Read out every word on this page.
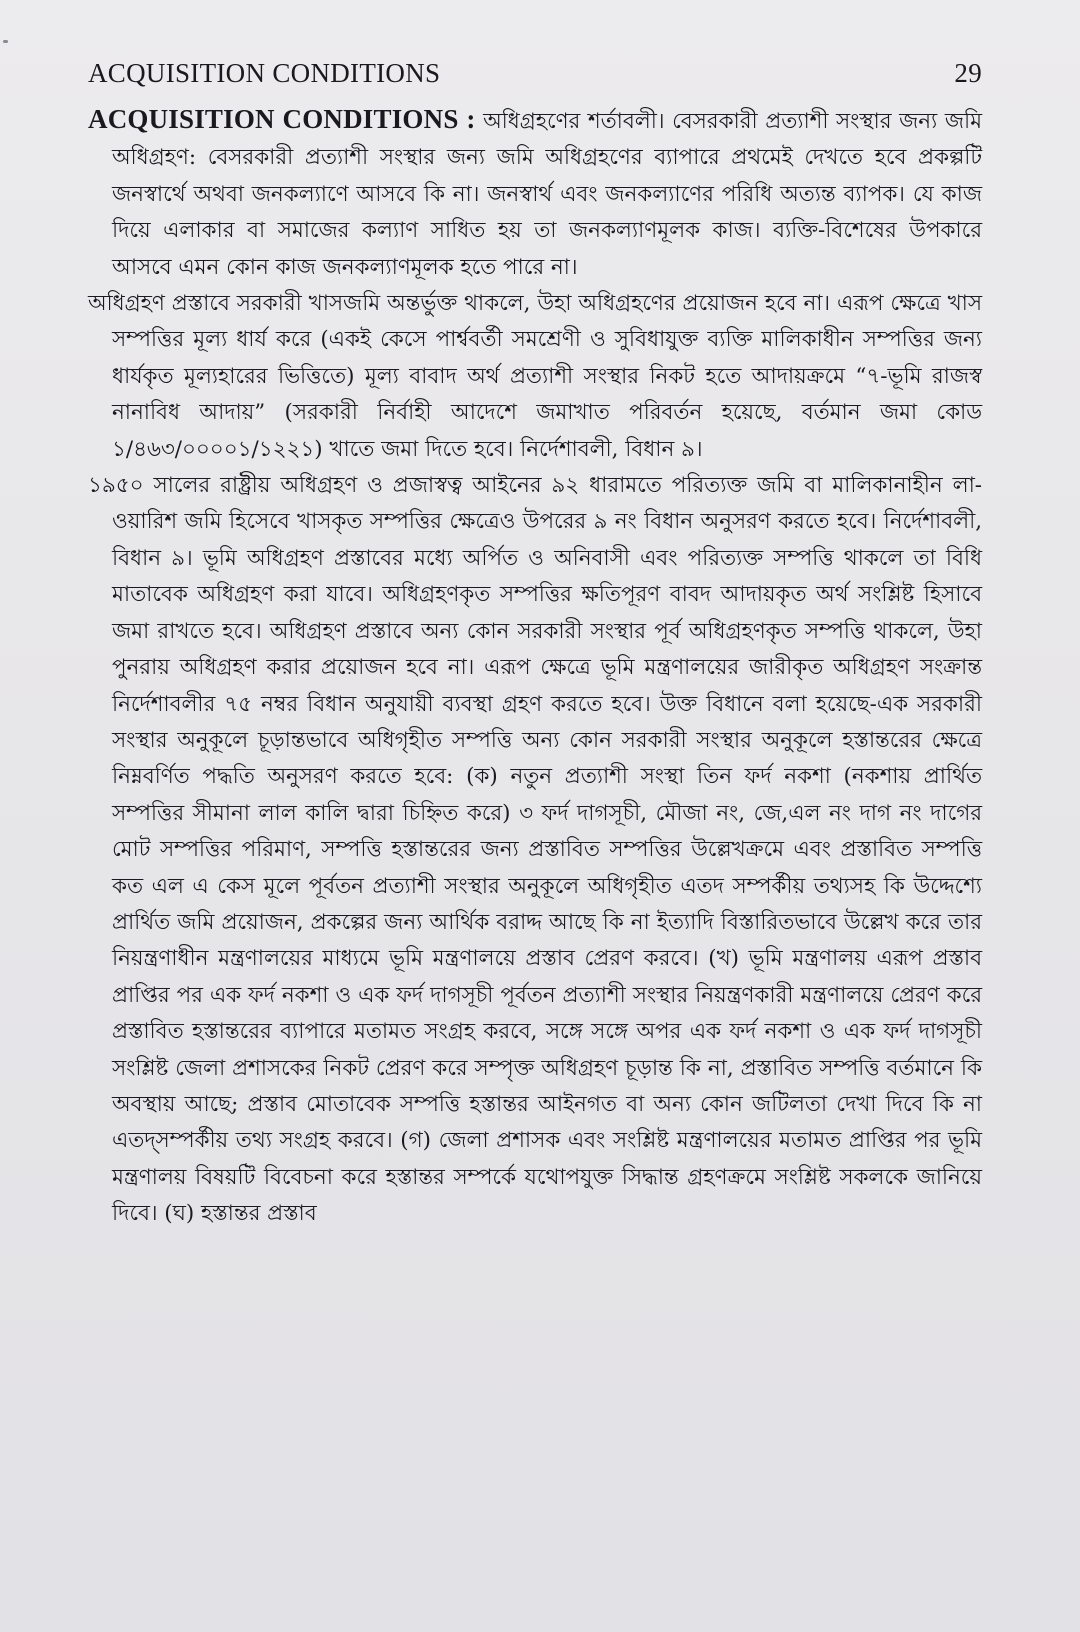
ACQUISITION CONDITIONS	29

ACQUISITION CONDITIONS : অধিগ্রহণের শর্তাবলী। বেসরকারী প্রত্যাশী সংস্থার জন্য জমি অধিগ্রহণ: বেসরকারী প্রত্যাশী সংস্থার জন্য জমি অধিগ্রহণের ব্যাপারে প্রথমেই দেখতে হবে প্রকল্পটি জনস্বার্থে অথবা জনকল্যাণে আসবে কি না। জনস্বার্থ এবং জনকল্যাণের পরিধি অত্যন্ত ব্যাপক। যে কাজ দিয়ে এলাকার বা সমাজের কল্যাণ সাধিত হয় তা জনকল্যাণমূলক কাজ। ব্যক্তি-বিশেষের উপকারে আসবে এমন কোন কাজ জনকল্যাণমূলক হতে পারে না।

অধিগ্রহণ প্রস্তাবে সরকারী খাসজমি অন্তর্ভুক্ত থাকলে, উহা অধিগ্রহণের প্রয়োজন হবে না। এরূপ ক্ষেত্রে খাস সম্পত্তির মূল্য ধার্য করে (একই কেসে পার্শ্ববর্তী সমশ্রেণী ও সুবিধাযুক্ত ব্যক্তি মালিকাধীন সম্পত্তির জন্য ধার্যকৃত মূল্যহারের ভিত্তিতে) মূল্য বাবাদ অর্থ প্রত্যাশী সংস্থার নিকট হতে আদায়ক্রমে “৭-ভূমি রাজস্ব নানাবিধ আদায়” (সরকারী নির্বাহী আদেশে জমাখাত পরিবর্তন হয়েছে, বর্তমান জমা কোড ১/৪৬৩/০০০০১/১২২১) খাতে জমা দিতে হবে। নির্দেশাবলী, বিধান ৯।

১৯৫০ সালের রাষ্ট্রীয় অধিগ্রহণ ও প্রজাস্বত্ব আইনের ৯২ ধারামতে পরিত্যক্ত জমি বা মালিকানাহীন লা-ওয়ারিশ জমি হিসেবে খাসকৃত সম্পত্তির ক্ষেত্রেও উপরের ৯ নং বিধান অনুসরণ করতে হবে। নির্দেশাবলী, বিধান ৯। ভূমি অধিগ্রহণ প্রস্তাবের মধ্যে অর্পিত ও অনিবাসী এবং পরিত্যক্ত সম্পত্তি থাকলে তা বিধি মাতাবেক অধিগ্রহণ করা যাবে। অধিগ্রহণকৃত সম্পত্তির ক্ষতিপূরণ বাবদ আদায়কৃত অর্থ সংশ্লিষ্ট হিসাবে জমা রাখতে হবে। অধিগ্রহণ প্রস্তাবে অন্য কোন সরকারী সংস্থার পূর্ব অধিগ্রহণকৃত সম্পত্তি থাকলে, উহা পুনরায় অধিগ্রহণ করার প্রয়োজন হবে না। এরূপ ক্ষেত্রে ভূমি মন্ত্রণালয়ের জারীকৃত অধিগ্রহণ সংক্রান্ত নির্দেশাবলীর ৭৫ নম্বর বিধান অনুযায়ী ব্যবস্থা গ্রহণ করতে হবে। উক্ত বিধানে বলা হয়েছে-এক সরকারী সংস্থার অনুকূলে চূড়ান্তভাবে অধিগৃহীত সম্পত্তি অন্য কোন সরকারী সংস্থার অনুকূলে হস্তান্তরের ক্ষেত্রে নিম্নবর্ণিত পদ্ধতি অনুসরণ করতে হবে: (ক) নতুন প্রত্যাশী সংস্থা তিন ফর্দ নকশা (নকশায় প্রার্থিত সম্পত্তির সীমানা লাল কালি দ্বারা চিহ্নিত করে) ৩ ফর্দ দাগসূচী, মৌজা নং, জে,এল নং দাগ নং দাগের মোট সম্পত্তির পরিমাণ, সম্পত্তি হস্তান্তরের জন্য প্রস্তাবিত সম্পত্তির উল্লেখক্রমে এবং প্রস্তাবিত সম্পত্তি কত এল এ কেস মূলে পূর্বতন প্রত্যাশী সংস্থার অনুকূলে অধিগৃহীত এতদ সম্পর্কীয় তথ্যসহ কি উদ্দেশ্যে প্রার্থিত জমি প্রয়োজন, প্রকল্পের জন্য আর্থিক বরাদ্দ আছে কি না ইত্যাদি বিস্তারিতভাবে উল্লেখ করে তার নিয়ন্ত্রণাধীন মন্ত্রণালয়ের মাধ্যমে ভূমি মন্ত্রণালয়ে প্রস্তাব প্রেরণ করবে। (খ) ভূমি মন্ত্রণালয় এরূপ প্রস্তাব প্রাপ্তির পর এক ফর্দ নকশা ও এক ফর্দ দাগসূচী পূর্বতন প্রত্যাশী সংস্থার নিয়ন্ত্রণকারী মন্ত্রণালয়ে প্রেরণ করে প্রস্তাবিত হস্তান্তরের ব্যাপারে মতামত সংগ্রহ করবে, সঙ্গে সঙ্গে অপর এক ফর্দ নকশা ও এক ফর্দ দাগসূচী সংশ্লিষ্ট জেলা প্রশাসকের নিকট প্রেরণ করে সম্পৃক্ত অধিগ্রহণ চূড়ান্ত কি না, প্রস্তাবিত সম্পত্তি বর্তমানে কি অবস্থায় আছে; প্রস্তাব মোতাবেক সম্পত্তি হস্তান্তর আইনগত বা অন্য কোন জটিলতা দেখা দিবে কি না এতদ্সম্পর্কীয় তথ্য সংগ্রহ করবে। (গ) জেলা প্রশাসক এবং সংশ্লিষ্ট মন্ত্রণালয়ের মতামত প্রাপ্তির পর ভূমি মন্ত্রণালয় বিষয়টি বিবেচনা করে হস্তান্তর সম্পর্কে যথোপযুক্ত সিদ্ধান্ত গ্রহণক্রমে সংশ্লিষ্ট সকলকে জানিয়ে দিবে। (ঘ) হস্তান্তর প্রস্তাব
